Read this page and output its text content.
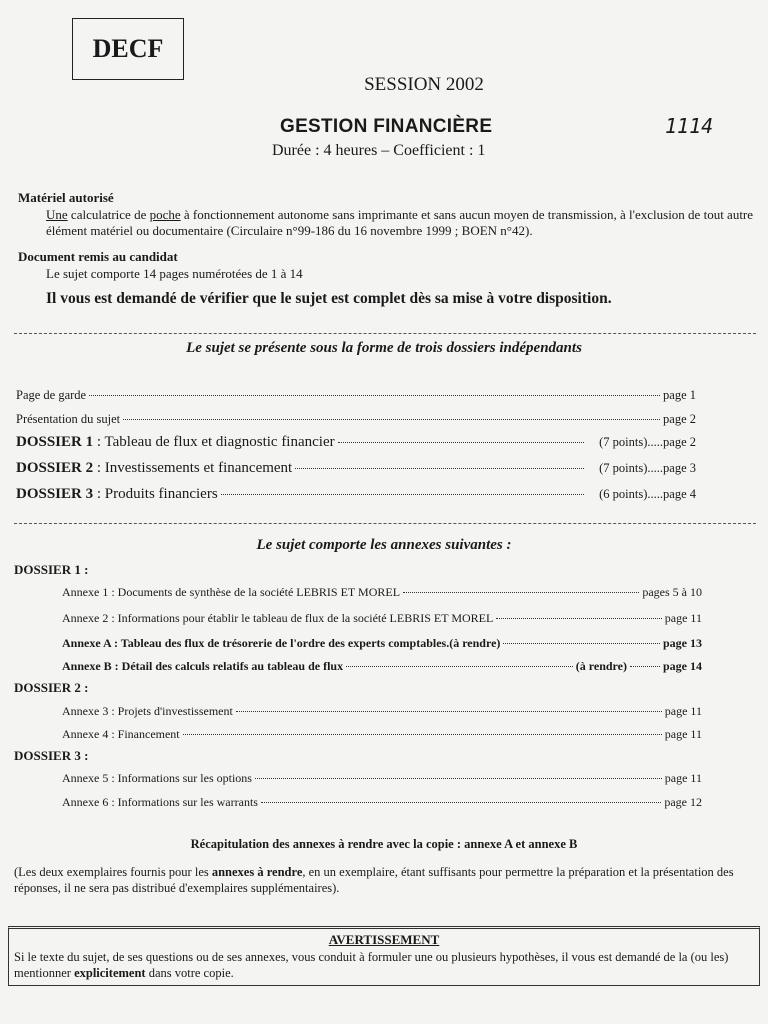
DECF
SESSION 2002
GESTION FINANCIÈRE	1114
Durée : 4 heures – Coefficient : 1
Matériel autorisé
Une calculatrice de poche à fonctionnement autonome sans imprimante et sans aucun moyen de transmission, à l'exclusion de tout autre élément matériel ou documentaire (Circulaire n°99-186 du 16 novembre 1999 ; BOEN n°42).
Document remis au candidat
Le sujet comporte 14 pages numérotées de 1 à 14
Il vous est demandé de vérifier que le sujet est complet dès sa mise à votre disposition.
Le sujet se présente sous la forme de trois dossiers indépendants
Page de garde	page 1
Présentation du sujet	page 2
DOSSIER 1 : Tableau de flux et diagnostic financier	(7 points)..... page 2
DOSSIER 2 : Investissements et financement	(7 points)..... page 3
DOSSIER 3 : Produits financiers	(6 points)..... page 4
Le sujet comporte les annexes suivantes :
DOSSIER 1 :
Annexe 1 : Documents de synthèse de la société LEBRIS ET MOREL	pages 5 à 10
Annexe 2 : Informations pour établir le tableau de flux de la société LEBRIS ET MOREL	page 11
Annexe A : Tableau des flux de trésorerie de l'ordre des experts comptables.(à rendre)	page 13
Annexe B : Détail des calculs relatifs au tableau de flux	(à rendre)	page 14
DOSSIER 2 :
Annexe 3 : Projets d'investissement	page 11
Annexe 4 : Financement	page 11
DOSSIER 3 :
Annexe 5 : Informations sur les options	page 11
Annexe 6 : Informations sur les warrants	page 12
Récapitulation des annexes à rendre avec la copie : annexe A et annexe B
(Les deux exemplaires fournis pour les annexes à rendre, en un exemplaire, étant suffisants pour permettre la préparation et la présentation des réponses, il ne sera pas distribué d'exemplaires supplémentaires).
AVERTISSEMENT
Si le texte du sujet, de ses questions ou de ses annexes, vous conduit à formuler une ou plusieurs hypothèses, il vous est demandé de la (ou les) mentionner explicitement dans votre copie.
